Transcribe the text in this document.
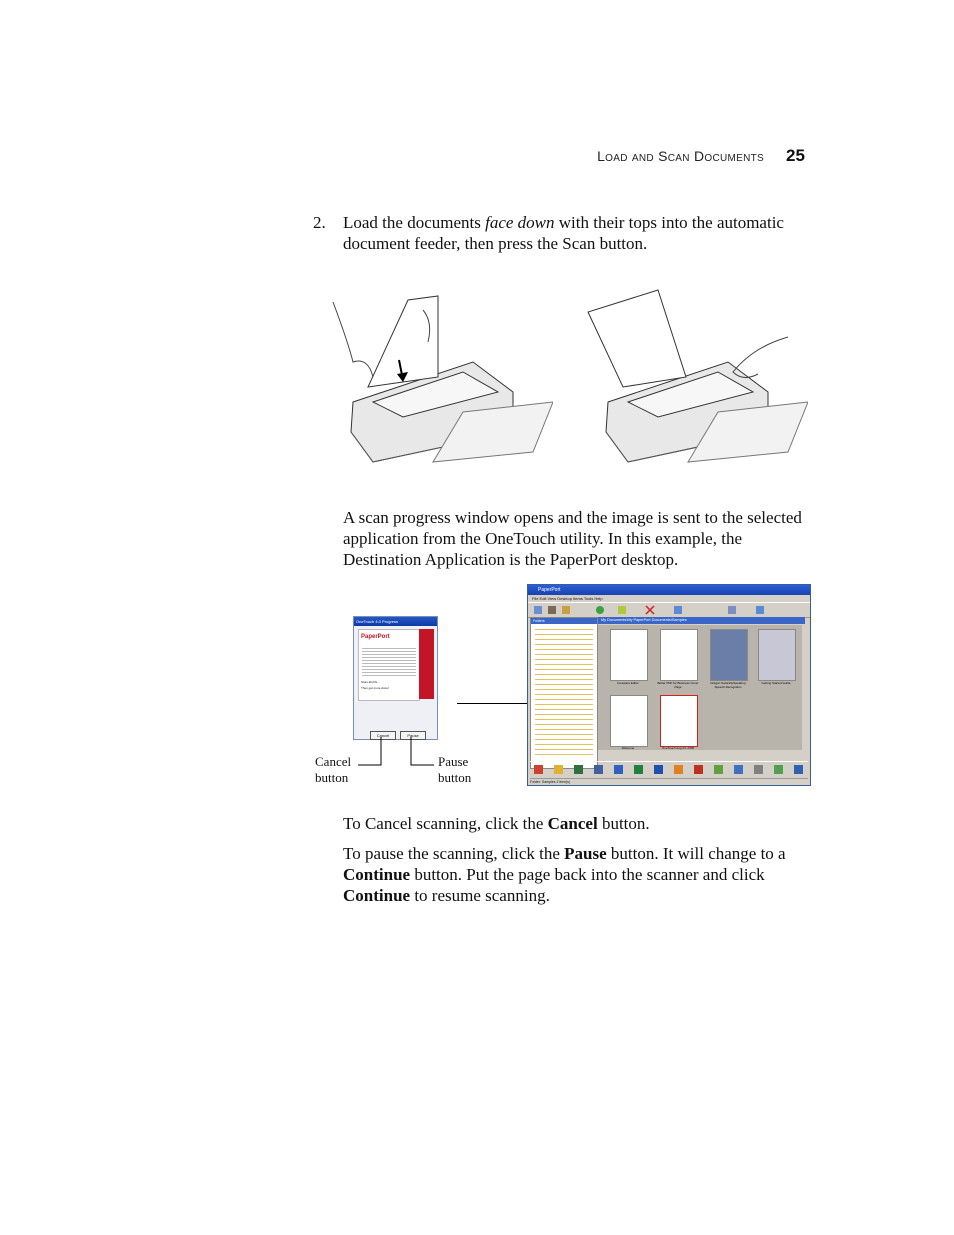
Load and Scan Documents 25
2. Load the documents face down with their tops into the automatic document feeder, then press the Scan button.
A scan progress window opens and the image is sent to the selected application from the OneTouch utility. In this example, the Destination Application is the PaperPort desktop.
OneTouch 4.0 Progress
PaperPort
Scan all this...
Then get more done!
Cancel	Pause
Cancel
button
Pause
button
PaperPort
File Edit View Desktop Items Tools Help
Folders	My Documents\My PaperPort Documents\Samples
Freeware Editor	Better PDF for Business Cover Page
Dragon NaturallySpeaking Speech Recognition
Getting Started Guide
Welcome	OneTouch Aug 24, 2005
Folder: Samples 2 item(s)
To Cancel scanning, click the Cancel button.
To pause the scanning, click the Pause button. It will change to a Continue button. Put the page back into the scanner and click Continue to resume scanning.
